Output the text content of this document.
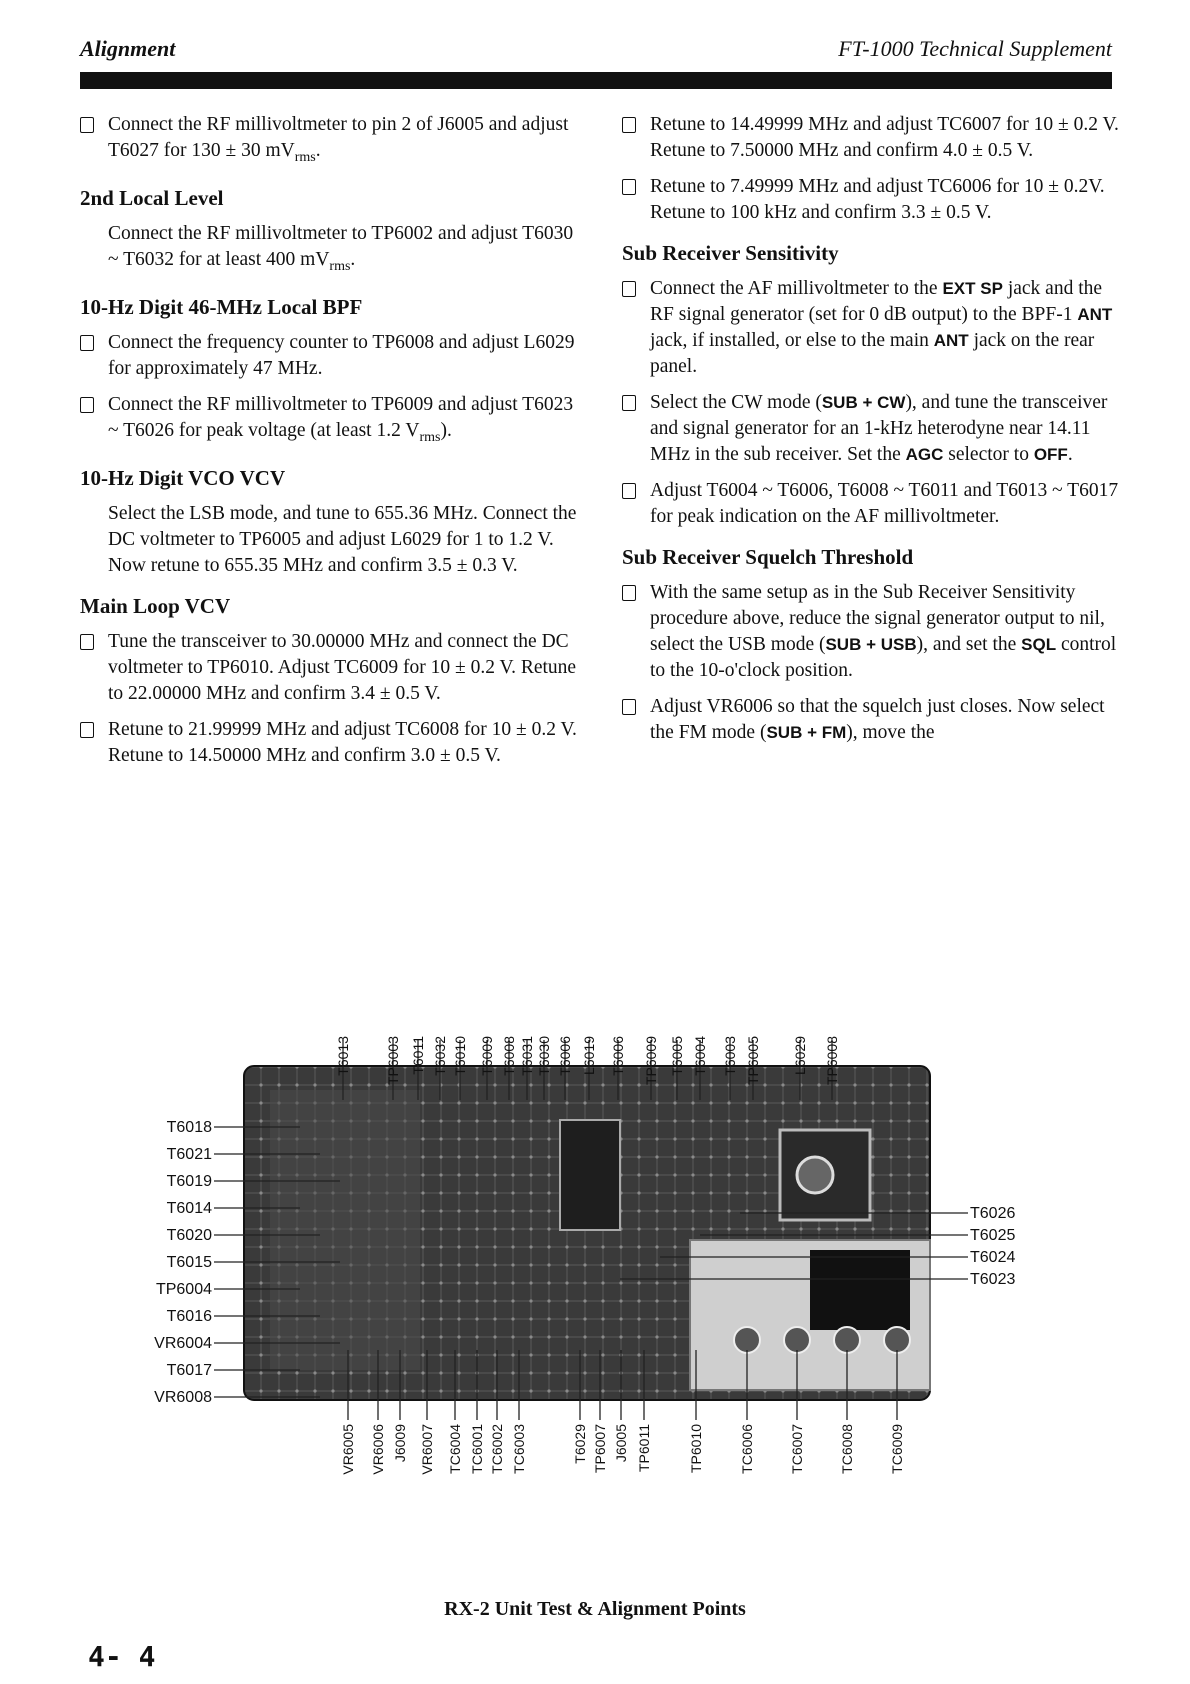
Alignment	FT-1000 Technical Supplement
Connect the RF millivoltmeter to pin 2 of J6005 and adjust T6027 for 130 ± 30 $mV_{rms}$.
2nd Local Level
Connect the RF millivoltmeter to TP6002 and adjust T6030 ~ T6032 for at least 400 $mV_{rms}$.
10-Hz Digit 46-MHz Local BPF
Connect the frequency counter to TP6008 and adjust L6029 for approximately 47 MHz.
Connect the RF millivoltmeter to TP6009 and adjust T6023 ~ T6026 for peak voltage (at least 1.2 $V_{rms}$).
10-Hz Digit VCO VCV
Select the LSB mode, and tune to 655.36 MHz. Connect the DC voltmeter to TP6005 and adjust L6029 for 1 to 1.2 V. Now retune to 655.35 MHz and confirm 3.5 ± 0.3 V.
Main Loop VCV
Tune the transceiver to 30.00000 MHz and connect the DC voltmeter to TP6010. Adjust TC6009 for 10 ± 0.2 V. Retune to 22.00000 MHz and confirm 3.4 ± 0.5 V.
Retune to 21.99999 MHz and adjust TC6008 for 10 ± 0.2 V. Retune to 14.50000 MHz and confirm 3.0 ± 0.5 V.
Retune to 14.49999 MHz and adjust TC6007 for 10 ± 0.2 V. Retune to 7.50000 MHz and confirm 4.0 ± 0.5 V.
Retune to 7.49999 MHz and adjust TC6006 for 10 ± 0.2V. Retune to 100 kHz and confirm 3.3 ± 0.5 V.
Sub Receiver Sensitivity
Connect the AF millivoltmeter to the EXT SP jack and the RF signal generator (set for 0 dB output) to the BPF-1 ANT jack, if installed, or else to the main ANT jack on the rear panel.
Select the CW mode (SUB + CW), and tune the transceiver and signal generator for an 1-kHz heterodyne near 14.11 MHz in the sub receiver. Set the AGC selector to OFF.
Adjust T6004 ~ T6006, T6008 ~ T6011 and T6013 ~ T6017 for peak indication on the AF millivoltmeter.
Sub Receiver Squelch Threshold
With the same setup as in the Sub Receiver Sensitivity procedure above, reduce the signal generator output to nil, select the USB mode (SUB + USB), and set the SQL control to the 10-o'clock position.
Adjust VR6006 so that the squelch just closes. Now select the FM mode (SUB + FM), move the
T6013 TP6003 T6011 T6032 T6010 T6009 T6008 T6031 T6030 T6006 L6019 T6006 TP6009 T6005 T6004 T6003 TP6005 L6029 TP6008
T6018
T6021
T6019
T6014
T6020
T6015
TP6004
T6016
VR6004
T6017
VR6008
T6026
T6025
T6024
T6023
VR6005 VR6006 J6009 VR6007 TC6004 TC6001 TC6002 TC6003	T6029 TP6007 J6005 TP6011	TP6010	TC6006 TC6007 TC6008 TC6009
RX-2 Unit Test & Alignment Points
4- 4
